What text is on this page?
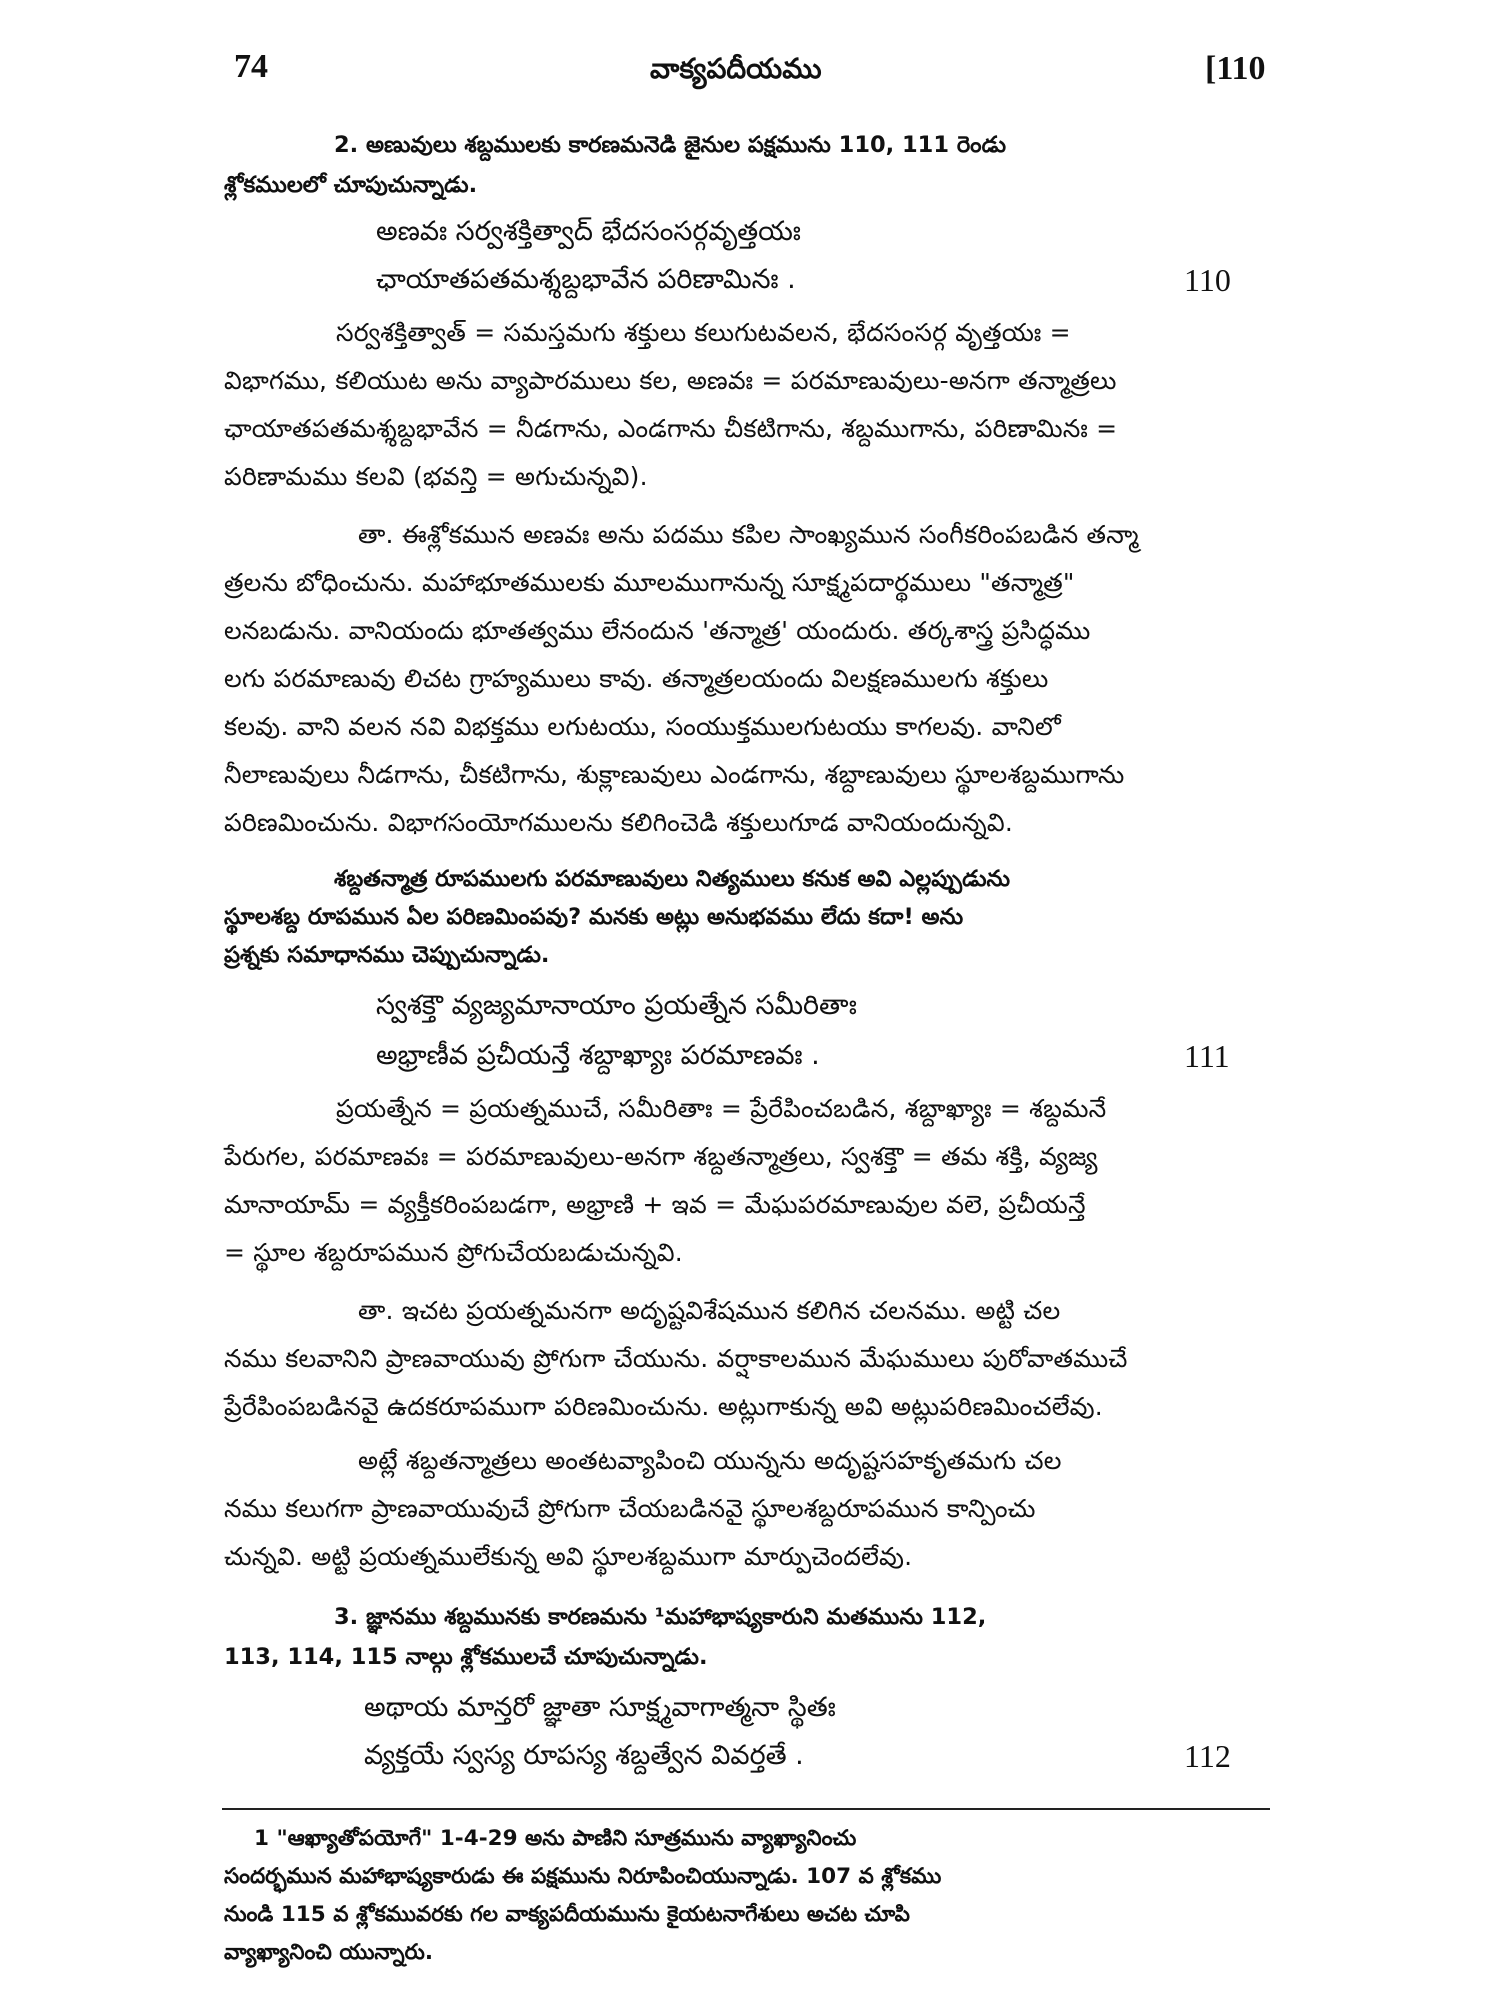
74	వాక్యపదీయము	[110
2. అణువులు శబ్దములకు కారణమనెడి జైనుల పక్షమును 110, 111 రెండు
శ్లోకములలో చూపుచున్నాడు.
అణవః సర్వశక్తిత్వాద్ భేదసంసర్గవృత్తయః
ఛాయాతపతమశ్శబ్దభావేన పరిణామినః .	110
సర్వశక్తిత్వాత్ = సమస్తమగు శక్తులు కలుగుటవలన, భేదసంసర్గ వృత్తయః =
విభాగము, కలియుట అను వ్యాపారములు కల, అణవః = పరమాణువులు-అనగా తన్మాత్రలు
ఛాయాతపతమశ్శబ్దభావేన = నీడగాను, ఎండగాను చీకటిగాను, శబ్దముగాను, పరిణామినః =
పరిణామము కలవి (భవన్తి = అగుచున్నవి).
తా. ఈశ్లోకమున అణవః అను పదము కపిల సాంఖ్యమున సంగీకరింపబడిన తన్మా
త్రలను బోధించును. మహాభూతములకు మూలముగానున్న సూక్ష్మపదార్థములు "తన్మాత్ర"
లనబడును. వానియందు భూతత్వము లేనందున 'తన్మాత్ర' యందురు. తర్కశాస్త్ర ప్రసిద్ధము
లగు పరమాణువు లిచట గ్రాహ్యములు కావు. తన్మాత్రలయందు విలక్షణములగు శక్తులు
కలవు. వాని వలన నవి విభక్తము లగుటయు, సంయుక్తములగుటయు కాగలవు. వానిలో
నీలాణువులు నీడగాను, చీకటిగాను, శుక్లాణువులు ఎండగాను, శబ్దాణువులు స్థూలశబ్దముగాను
పరిణమించును. విభాగసంయోగములను కలిగించెడి శక్తులుగూడ వానియందున్నవి.
శబ్దతన్మాత్ర రూపములగు పరమాణువులు నిత్యములు కనుక అవి ఎల్లప్పుడును
స్థూలశబ్ద రూపమున ఏల పరిణమింపవు? మనకు అట్లు అనుభవము లేదు కదా! అను
ప్రశ్నకు సమాధానము చెప్పుచున్నాడు.
స్వశక్తౌ వ్యజ్యమానాయాం ప్రయత్నేన సమీరితాః
అభ్రాణీవ ప్రచీయన్తే శబ్దాఖ్యాః పరమాణవః .	111
ప్రయత్నేన = ప్రయత్నముచే, సమీరితాః = ప్రేరేపించబడిన, శబ్దాఖ్యాః = శబ్దమనే
పేరుగల, పరమాణవః = పరమాణువులు-అనగా శబ్దతన్మాత్రలు, స్వశక్తౌ = తమ శక్తి, వ్యజ్య
మానాయామ్ = వ్యక్తీకరింపబడగా, అభ్రాణి + ఇవ = మేఘపరమాణువుల వలె, ప్రచీయన్తే
= స్థూల శబ్దరూపమున ప్రోగుచేయబడుచున్నవి.
తా. ఇచట ప్రయత్నమనగా అదృష్టవిశేషమున కలిగిన చలనము. అట్టి చల
నము కలవానిని ప్రాణవాయువు ప్రోగుగా చేయును. వర్షాకాలమున మేఘములు పురోవాతముచే
ప్రేరేపింపబడినవై ఉదకరూపముగా పరిణమించును. అట్లుగాకున్న అవి అట్లుపరిణమించలేవు.
అట్లే శబ్దతన్మాత్రలు అంతటవ్యాపించి యున్నను అదృష్టసహకృతమగు చల
నము కలుగగా ప్రాణవాయువుచే ప్రోగుగా చేయబడినవై స్థూలశబ్దరూపమున కాన్పించు
చున్నవి. అట్టి ప్రయత్నములేకున్న అవి స్థూలశబ్దముగా మార్పుచెందలేవు.
3. జ్ఞానము శబ్దమునకు కారణమను ¹మహాభాష్యకారుని మతమును 112,
113, 114, 115 నాల్గు శ్లోకములచే చూపుచున్నాడు.
అథాయ మాన్తరో జ్ఞాతా సూక్ష్మవాగాత్మనా స్థితః
వ్యక్తయే స్వస్య రూపస్య శబ్దత్వేన వివర్తతే .	112
1 "ఆఖ్యాతోపయోగే" 1-4-29 అను పాణిని సూత్రమును వ్యాఖ్యానించు
సందర్భమున మహాభాష్యకారుడు ఈ పక్షమును నిరూపించియున్నాడు. 107 వ శ్లోకము
నుండి 115 వ శ్లోకమువరకు గల వాక్యపదీయమును కైయటనాగేశులు అచట చూపి
వ్యాఖ్యానించి యున్నారు.
